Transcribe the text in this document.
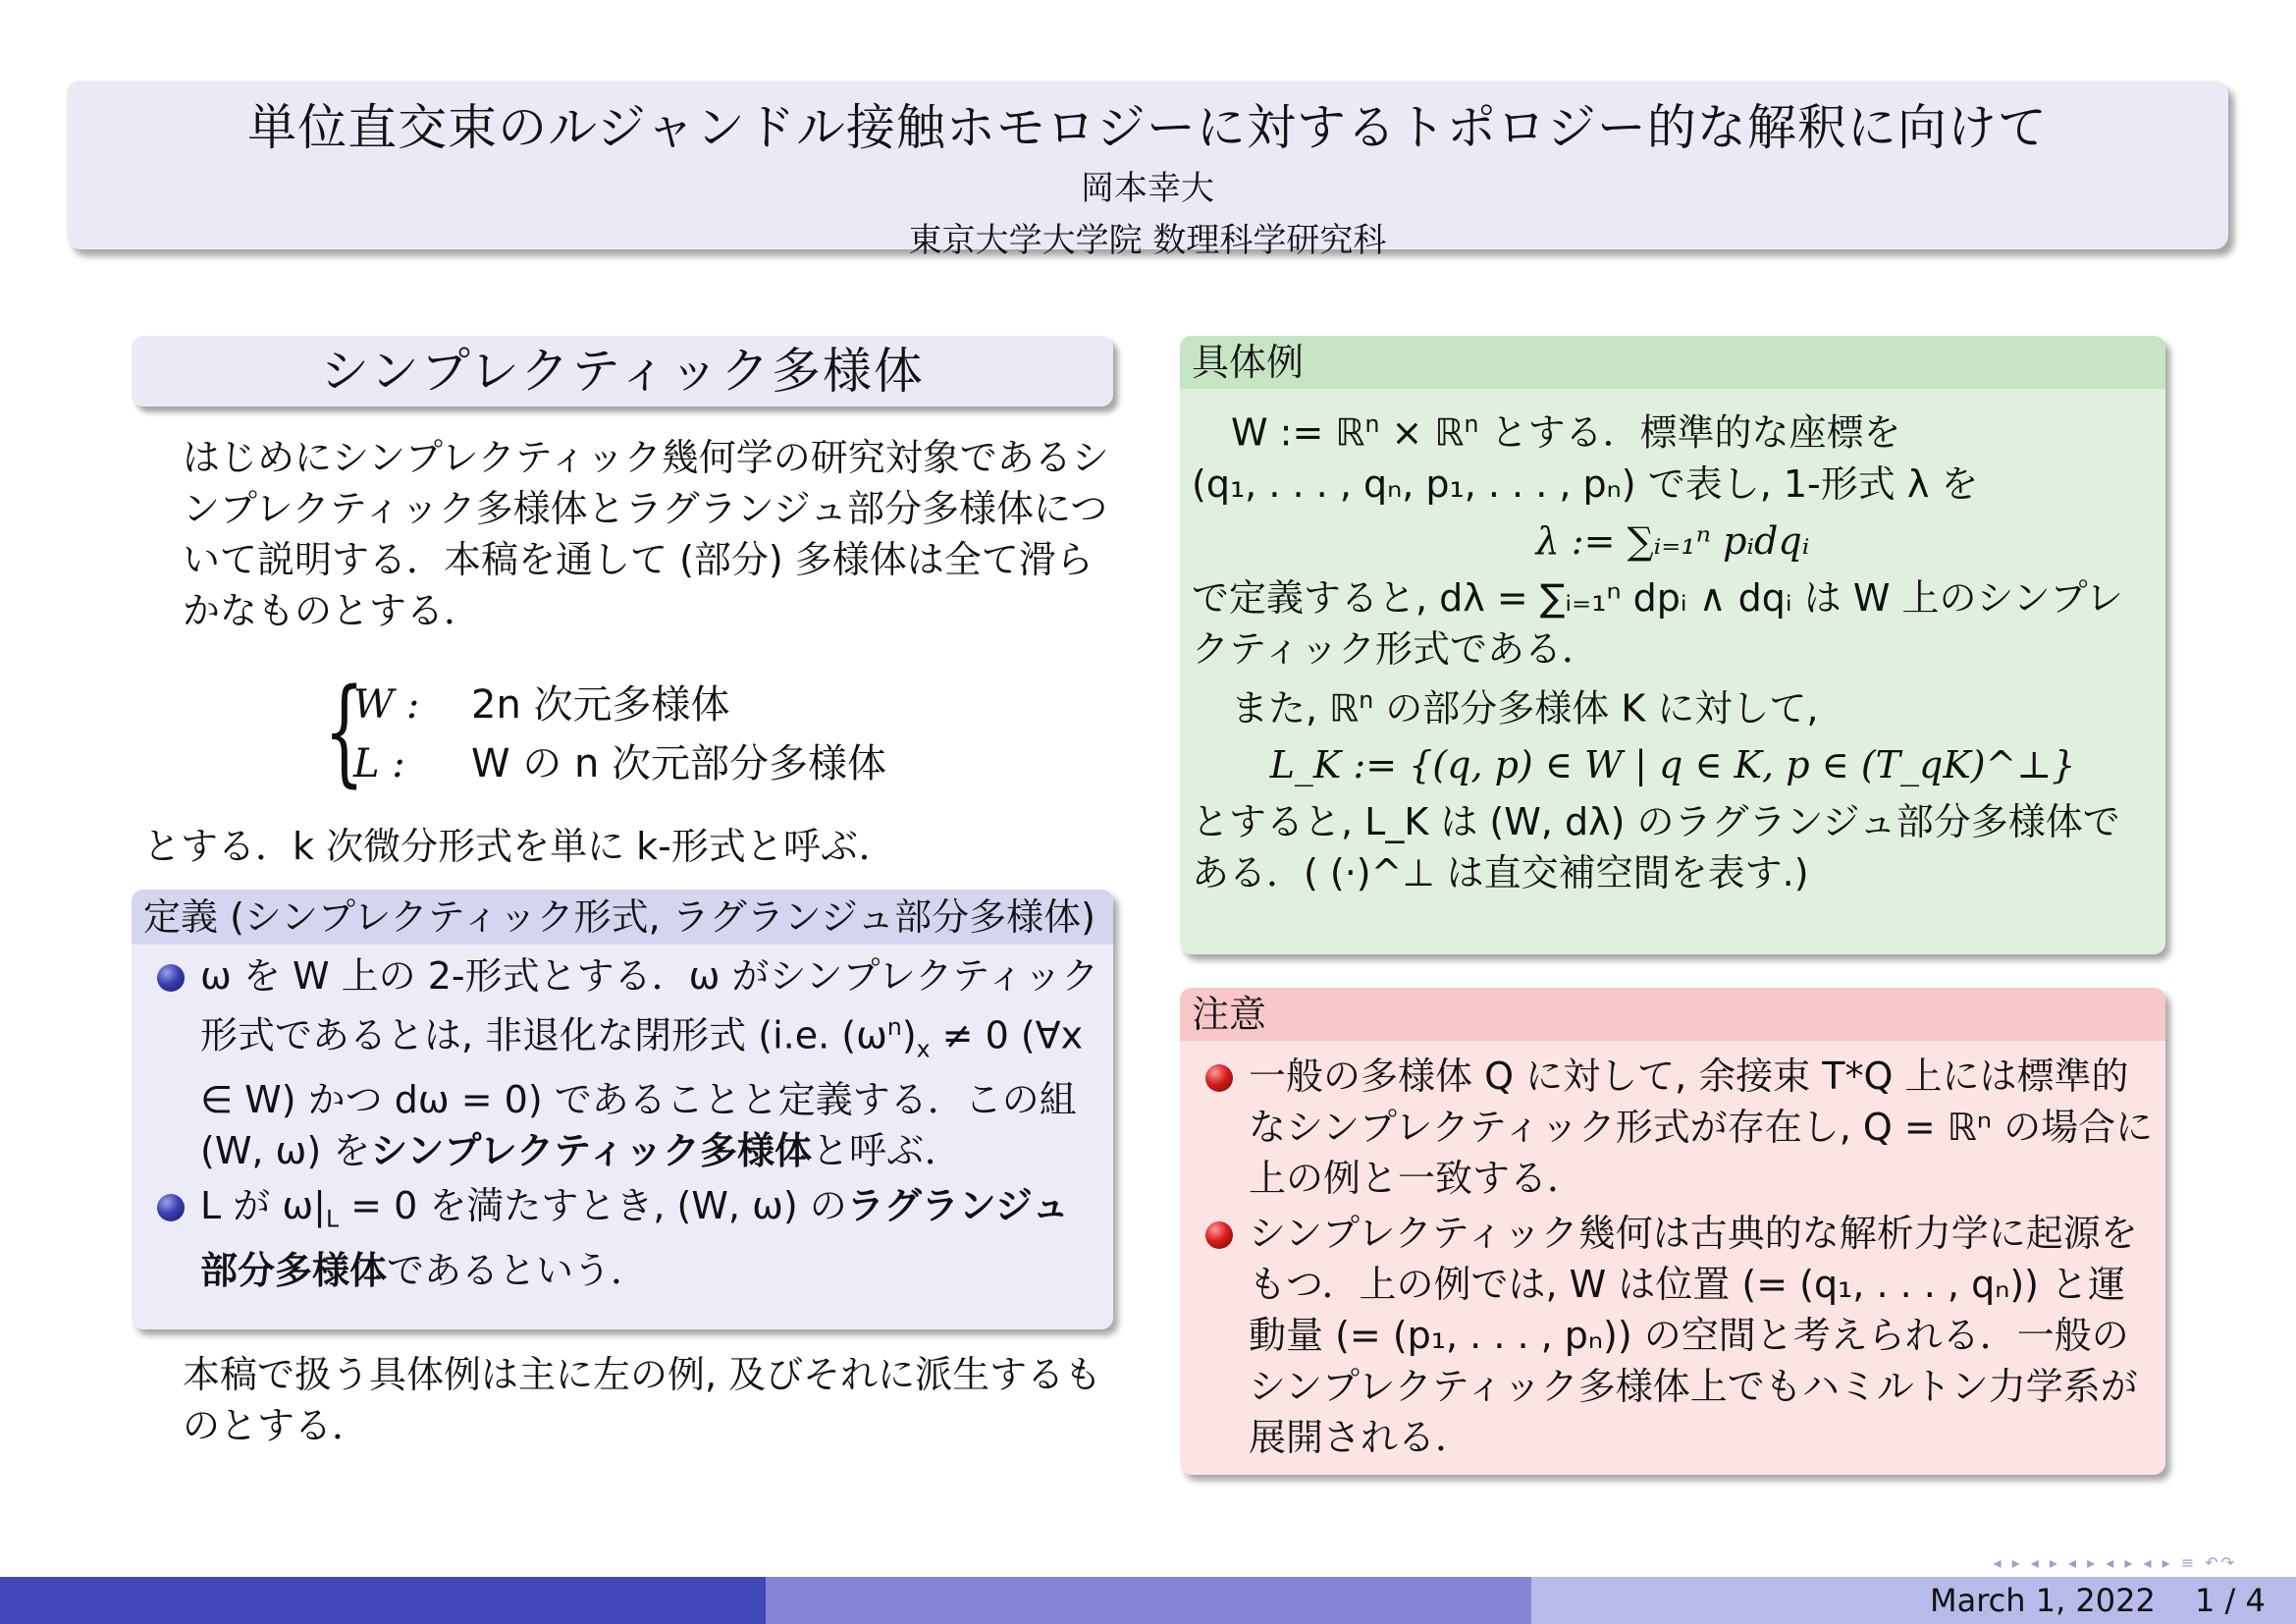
単位直交束のルジャンドル接触ホモロジーに対するトポロジー的な解釈に向けて
岡本幸大
東京大学大学院 数理科学研究科
シンプレクティック多様体
はじめにシンプレクティック幾何学の研究対象であるシンプレクティック多様体とラグランジュ部分多様体について説明する．本稿を通して (部分) 多様体は全て滑らかなものとする．
{
W : 2n 次元多様体
L : W の n 次元部分多様体
とする．k 次微分形式を単に k-形式と呼ぶ．
定義 (シンプレクティック形式, ラグランジュ部分多様体)
ω を W 上の 2-形式とする．ω がシンプレクティック形式であるとは, 非退化な閉形式 (i.e. $(\omega^n)_x \ne 0$ (∀x ∈ W) かつ dω = 0) であることと定義する．この組 (W, ω) をシンプレクティック多様体と呼ぶ．
L が $\omega|_L = 0$ を満たすとき, (W, ω) のラグランジュ部分多様体であるという．
本稿で扱う具体例は主に左の例, 及びそれに派生するものとする．
具体例
W := ℝ$^n$ × ℝ$^n$ とする．標準的な座標を
(q₁, . . . , qₙ, p₁, . . . , pₙ) で表し, 1-形式 λ を
λ := ∑ᵢ₌₁ⁿ pᵢdqᵢ
で定義すると, dλ = ∑ᵢ₌₁ⁿ dpᵢ ∧ dqᵢ は W 上のシンプレクティック形式である．
また, ℝ$^n$ の部分多様体 K に対して,
L_K := {(q, p) ∈ W | q ∈ K, p ∈ (T_qK)^⊥}
とすると, L_K は (W, dλ) のラグランジュ部分多様体である．( (·)^⊥ は直交補空間を表す.)
注意
一般の多様体 Q に対して, 余接束 T*Q 上には標準的なシンプレクティック形式が存在し, Q = ℝⁿ の場合に上の例と一致する．
シンプレクティック幾何は古典的な解析力学に起源をもつ．上の例では, W は位置 (= (q₁, . . . , qₙ)) と運動量 (= (p₁, . . . , pₙ)) の空間と考えられる．一般のシンプレクティック多様体上でもハミルトン力学系が展開される．
◂ ▸ ◂ ▸ ◂ ▸ ◂ ▸ ◂ ▸ ≡ ↶↷
March 1, 2022 1 / 4
